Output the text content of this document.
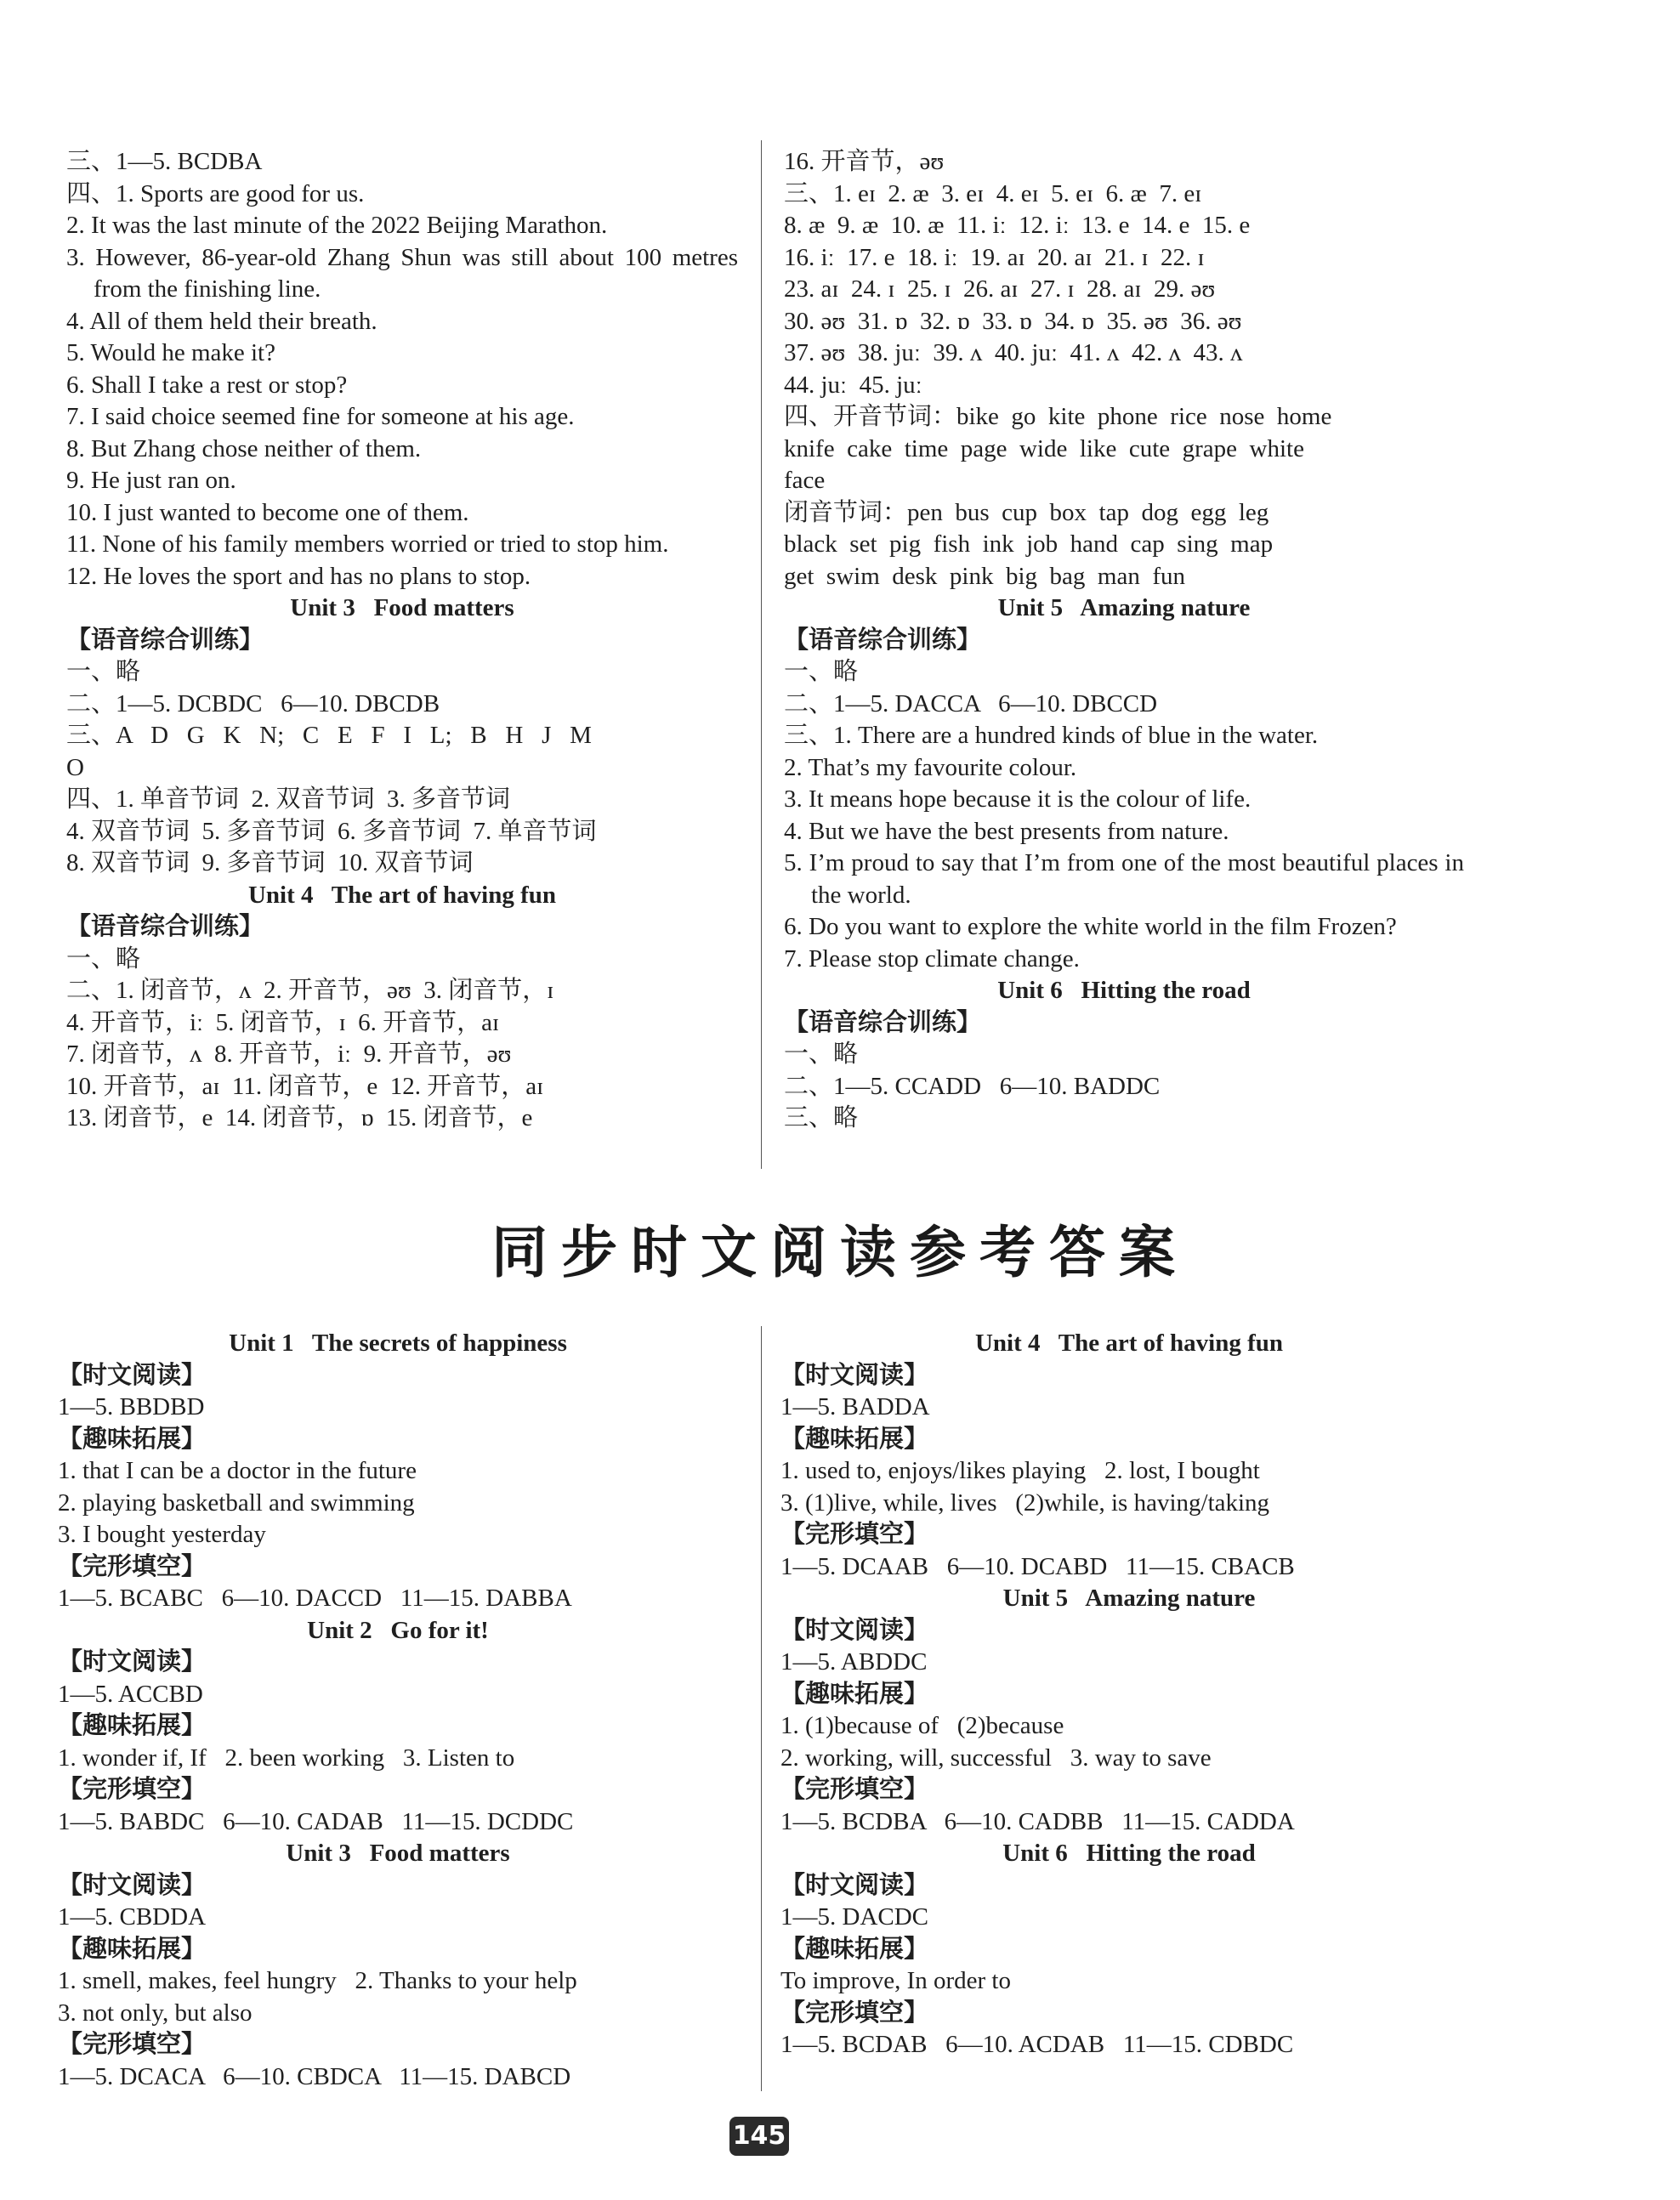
三、1—5. BCDBA
四、1. Sports are good for us.
2. It was the last minute of the 2022 Beijing Marathon.
3. However, 86-year-old Zhang Shun was still about 100 metres from the finishing line.
4. All of them held their breath.
5. Would he make it?
6. Shall I take a rest or stop?
7. I said choice seemed fine for someone at his age.
8. But Zhang chose neither of them.
9. He just ran on.
10. I just wanted to become one of them.
11. None of his family members worried or tried to stop him.
12. He loves the sport and has no plans to stop.
Unit 3   Food matters
【语音综合训练】
一、略
二、1—5. DCBDC   6—10. DBCDB
三、A   D   G   K   N;   C   E   F   I   L;   B   H   J   M
O
四、1. 单音节词  2. 双音节词  3. 多音节词
4. 双音节词  5. 多音节词  6. 多音节词  7. 单音节词
8. 双音节词  9. 多音节词  10. 双音节词
Unit 4   The art of having fun
【语音综合训练】
一、略
二、1. 闭音节，ʌ  2. 开音节，əʊ  3. 闭音节，ɪ
4. 开音节，iː  5. 闭音节，ɪ  6. 开音节，aɪ
7. 闭音节，ʌ  8. 开音节，iː  9. 开音节，əʊ
10. 开音节，aɪ  11. 闭音节，e  12. 开音节，aɪ
13. 闭音节，e  14. 闭音节，ɒ  15. 闭音节，e
16. 开音节，əʊ
三、1. eɪ  2. æ  3. eɪ  4. eɪ  5. eɪ  6. æ  7. eɪ
8. æ  9. æ  10. æ  11. iː  12. iː  13. e  14. e  15. e
16. iː  17. e  18. iː  19. aɪ  20. aɪ  21. ɪ  22. ɪ
23. aɪ  24. ɪ  25. ɪ  26. aɪ  27. ɪ  28. aɪ  29. əʊ
30. əʊ  31. ɒ  32. ɒ  33. ɒ  34. ɒ  35. əʊ  36. əʊ
37. əʊ  38. juː  39. ʌ  40. juː  41. ʌ  42. ʌ  43. ʌ
44. juː  45. juː
四、开音节词：bike  go  kite  phone  rice  nose  home
knife  cake  time  page  wide  like  cute  grape  white
face
闭音节词：pen  bus  cup  box  tap  dog  egg  leg
black  set  pig  fish  ink  job  hand  cap  sing  map
get  swim  desk  pink  big  bag  man  fun
Unit 5   Amazing nature
【语音综合训练】
一、略
二、1—5. DACCA   6—10. DBCCD
三、1. There are a hundred kinds of blue in the water.
2. That’s my favourite colour.
3. It means hope because it is the colour of life.
4. But we have the best presents from nature.
5. I’m proud to say that I’m from one of the most beautiful places in the world.
6. Do you want to explore the white world in the film Frozen?
7. Please stop climate change.
Unit 6   Hitting the road
【语音综合训练】
一、略
二、1—5. CCADD   6—10. BADDC
三、略
同步时文阅读参考答案
Unit 1   The secrets of happiness
【时文阅读】
1—5. BBDBD
【趣味拓展】
1. that I can be a doctor in the future
2. playing basketball and swimming
3. I bought yesterday
【完形填空】
1—5. BCABC   6—10. DACCD   11—15. DABBA
Unit 2   Go for it!
【时文阅读】
1—5. ACCBD
【趣味拓展】
1. wonder if, If   2. been working   3. Listen to
【完形填空】
1—5. BABDC   6—10. CADAB   11—15. DCDDC
Unit 3   Food matters
【时文阅读】
1—5. CBDDA
【趣味拓展】
1. smell, makes, feel hungry   2. Thanks to your help
3. not only, but also
【完形填空】
1—5. DCACA   6—10. CBDCA   11—15. DABCD
Unit 4   The art of having fun
【时文阅读】
1—5. BADDA
【趣味拓展】
1. used to, enjoys/likes playing   2. lost, I bought
3. (1)live, while, lives   (2)while, is having/taking
【完形填空】
1—5. DCAAB   6—10. DCABD   11—15. CBACB
Unit 5   Amazing nature
【时文阅读】
1—5. ABDDC
【趣味拓展】
1. (1)because of   (2)because
2. working, will, successful   3. way to save
【完形填空】
1—5. BCDBA   6—10. CADBB   11—15. CADDA
Unit 6   Hitting the road
【时文阅读】
1—5. DACDC
【趣味拓展】
To improve, In order to
【完形填空】
1—5. BCDAB   6—10. ACDAB   11—15. CDBDC
145
